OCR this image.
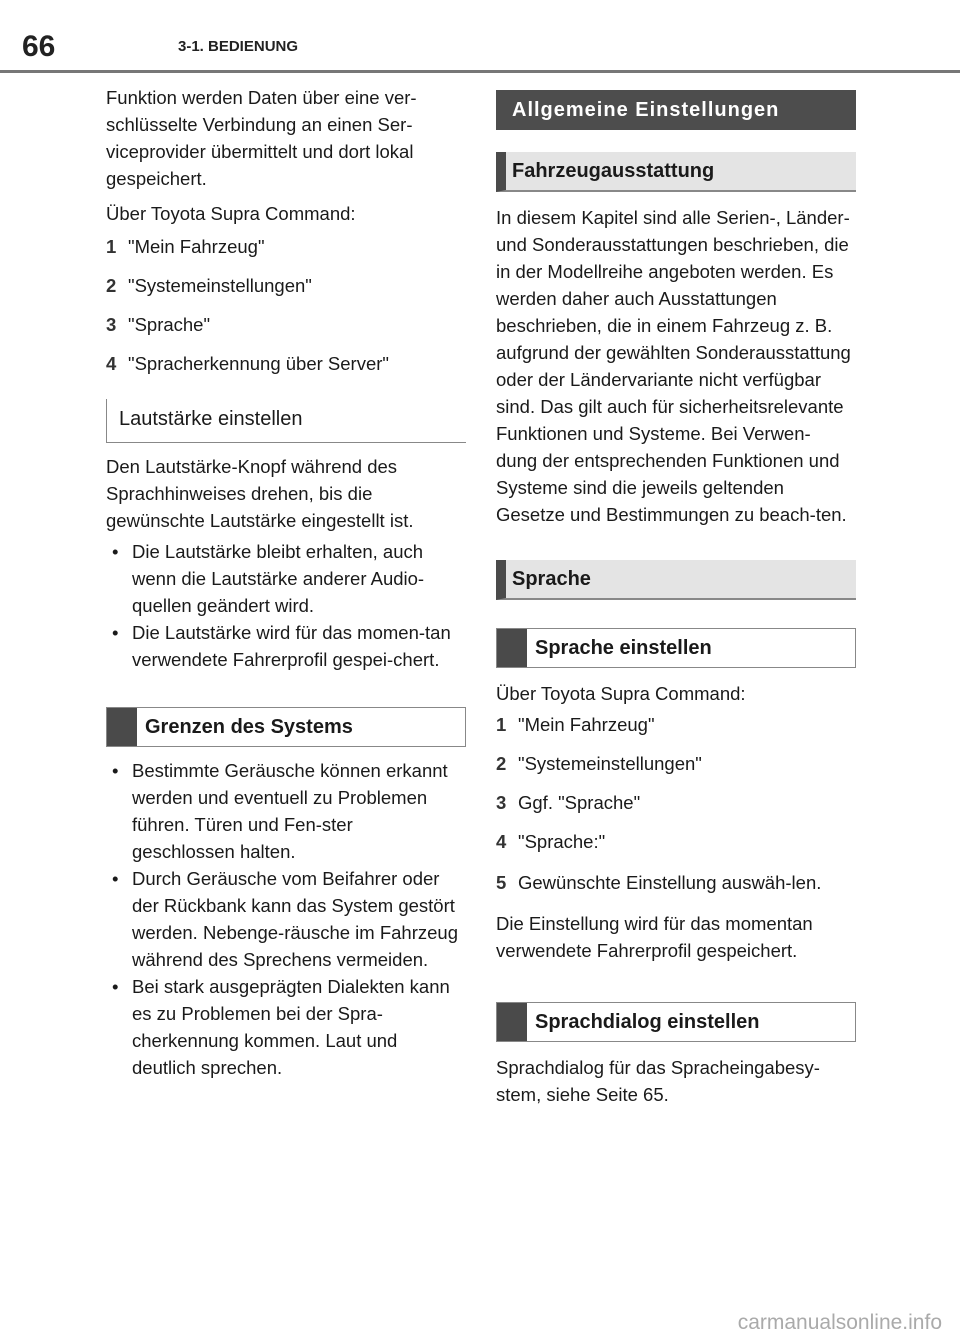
66	3-1. BEDIENUNG

Funktion werden Daten über eine ver-schlüsselte Verbindung an einen Ser-viceprovider übermittelt und dort lokal gespeichert.

Über Toyota Supra Command:

1 "Mein Fahrzeug"
2 "Systemeinstellungen"
3 "Sprache"
4 "Spracherkennung über Server"
Lautstärke einstellen

Den Lautstärke-Knopf während des Sprachhinweises drehen, bis die gewünschte Lautstärke eingestellt ist.

• Die Lautstärke bleibt erhalten, auch wenn die Lautstärke anderer Audio-quellen geändert wird.
• Die Lautstärke wird für das momen-tan verwendete Fahrerprofil gespei-chert.
Grenzen des Systems
• Bestimmte Geräusche können erkannt werden und eventuell zu Problemen führen. Türen und Fen-ster geschlossen halten.
• Durch Geräusche vom Beifahrer oder der Rückbank kann das System gestört werden. Nebenge-räusche im Fahrzeug während des Sprechens vermeiden.
• Bei stark ausgeprägten Dialekten kann es zu Problemen bei der Spra-cherkennung kommen. Laut und deutlich sprechen.
Allgemeine Einstellungen
Fahrzeugausstattung

In diesem Kapitel sind alle Serien-, Länder- und Sonderausstattungen beschrieben, die in der Modellreihe angeboten werden. Es werden daher auch Ausstattungen beschrieben, die in einem Fahrzeug z. B. aufgrund der gewählten Sonderausstattung oder der Ländervariante nicht verfügbar sind. Das gilt auch für sicherheitsrelevante Funktionen und Systeme. Bei Verwen-dung der entsprechenden Funktionen und Systeme sind die jeweils geltenden Gesetze und Bestimmungen zu beach-ten.

Sprache
Sprache einstellen

Über Toyota Supra Command:

1 "Mein Fahrzeug"
2 "Systemeinstellungen"
3 Ggf. "Sprache"
4 "Sprache:"
5 Gewünschte Einstellung auswäh-len.

Die Einstellung wird für das momentan verwendete Fahrerprofil gespeichert.

Sprachdialog einstellen

Sprachdialog für das Spracheingabesy-stem, siehe Seite 65.

carmanualsonline.info
